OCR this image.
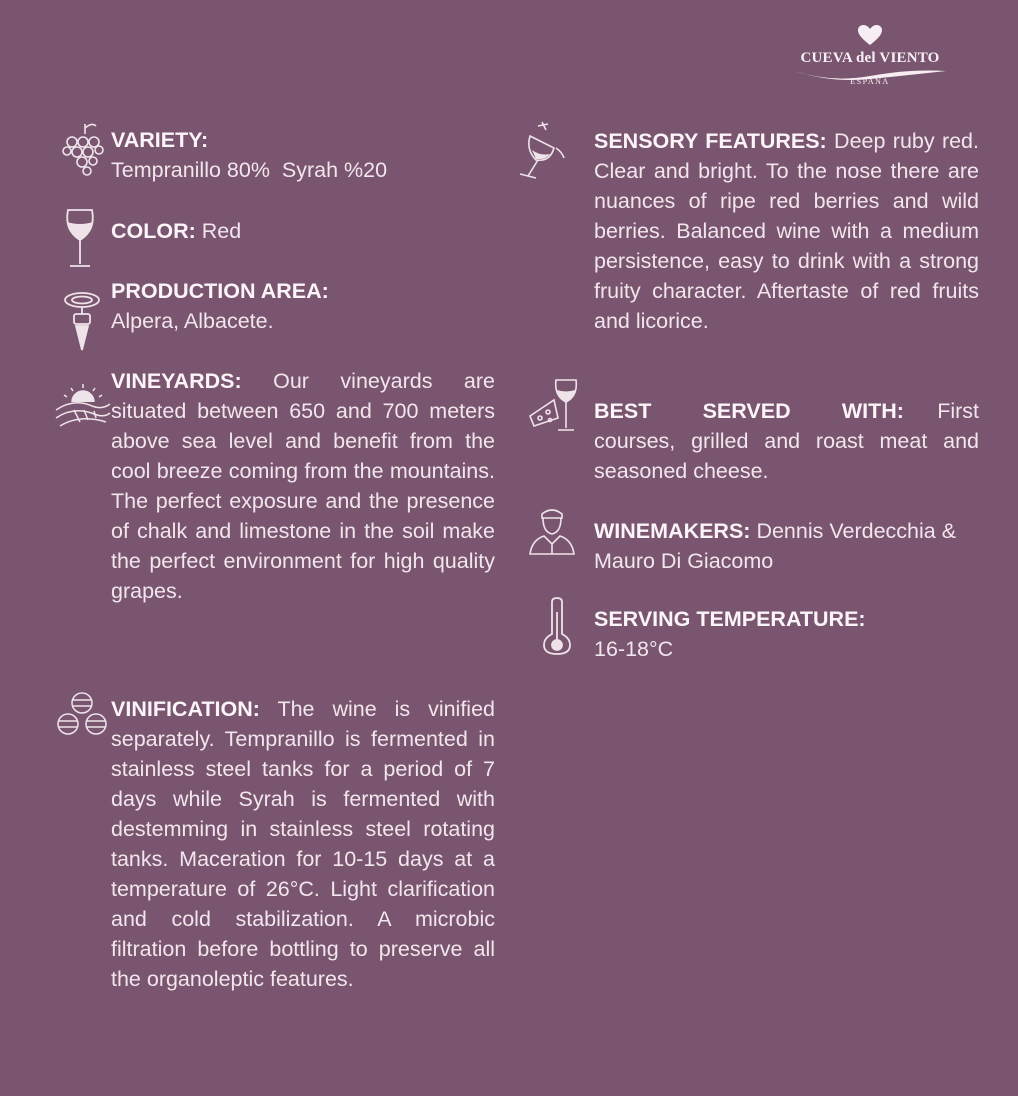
CUEVA del VIENTO
ESPAÑA
VARIETY:
Tempranillo 80%  Syrah %20
COLOR: Red
PRODUCTION AREA:
Alpera, Albacete.
VINEYARDS: Our vineyards are situated between 650 and 700 meters above sea level and benefit from the cool breeze coming from the mountains. The perfect exposure and the presence of chalk and limestone in the soil make the perfect environment for high quality grapes.
VINIFICATION: The wine is vinified separately. Tempranillo is fermented in stainless steel tanks for a period of 7 days while Syrah is fermented with destemming in stainless steel rotating tanks. Maceration for 10-15 days at a temperature of 26°C. Light clarification and cold stabilization. A microbic filtration before bottling to preserve all the organoleptic features.
SENSORY FEATURES: Deep ruby red. Clear and bright. To the nose there are nuances of ripe red berries and wild berries. Balanced wine with a medium persistence, easy to drink with a strong fruity character. Aftertaste of red fruits and licorice.
BEST SERVED WITH: First courses, grilled and roast meat and seasoned cheese.
WINEMAKERS: Dennis Verdecchia & Mauro Di Giacomo
SERVING TEMPERATURE:
16-18°C
